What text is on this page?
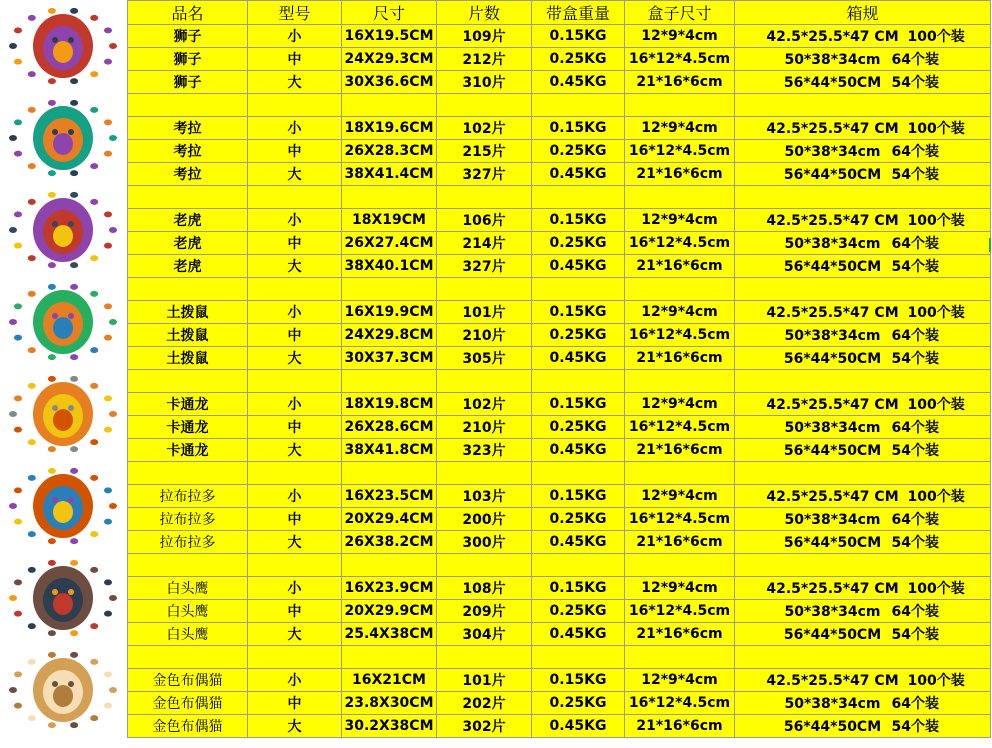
品名	型号	尺寸	片数	带盒重量	盒子尺寸	箱规
狮子	小	16X19.5CM	109片	0.15KG	12*9*4cm	42.5*25.5*47 CM 100个装
狮子	中	24X29.3CM	212片	0.25KG	16*12*4.5cm	50*38*34cm 64个装
狮子	大	30X36.6CM	310片	0.45KG	21*16*6cm	56*44*50CM 54个装

考拉	小	18X19.6CM	102片	0.15KG	12*9*4cm	42.5*25.5*47 CM 100个装
考拉	中	26X28.3CM	215片	0.25KG	16*12*4.5cm	50*38*34cm 64个装
考拉	大	38X41.4CM	327片	0.45KG	21*16*6cm	56*44*50CM 54个装

老虎	小	18X19CM	106片	0.15KG	12*9*4cm	42.5*25.5*47 CM 100个装
老虎	中	26X27.4CM	214片	0.25KG	16*12*4.5cm	50*38*34cm 64个装
老虎	大	38X40.1CM	327片	0.45KG	21*16*6cm	56*44*50CM 54个装

土拨鼠	小	16X19.9CM	101片	0.15KG	12*9*4cm	42.5*25.5*47 CM 100个装
土拨鼠	中	24X29.8CM	210片	0.25KG	16*12*4.5cm	50*38*34cm 64个装
土拨鼠	大	30X37.3CM	305片	0.45KG	21*16*6cm	56*44*50CM 54个装

卡通龙	小	18X19.8CM	102片	0.15KG	12*9*4cm	42.5*25.5*47 CM 100个装
卡通龙	中	26X28.6CM	210片	0.25KG	16*12*4.5cm	50*38*34cm 64个装
卡通龙	大	38X41.8CM	323片	0.45KG	21*16*6cm	56*44*50CM 54个装

拉布拉多	小	16X23.5CM	103片	0.15KG	12*9*4cm	42.5*25.5*47 CM 100个装
拉布拉多	中	20X29.4CM	200片	0.25KG	16*12*4.5cm	50*38*34cm 64个装
拉布拉多	大	26X38.2CM	300片	0.45KG	21*16*6cm	56*44*50CM 54个装

白头鹰	小	16X23.9CM	108片	0.15KG	12*9*4cm	42.5*25.5*47 CM 100个装
白头鹰	中	20X29.9CM	209片	0.25KG	16*12*4.5cm	50*38*34cm 64个装
白头鹰	大	25.4X38CM	304片	0.45KG	21*16*6cm	56*44*50CM 54个装

金色布偶猫	小	16X21CM	101片	0.15KG	12*9*4cm	42.5*25.5*47 CM 100个装
金色布偶猫	中	23.8X30CM	202片	0.25KG	16*12*4.5cm	50*38*34cm 64个装
金色布偶猫	大	30.2X38CM	302片	0.45KG	21*16*6cm	56*44*50CM 54个装
